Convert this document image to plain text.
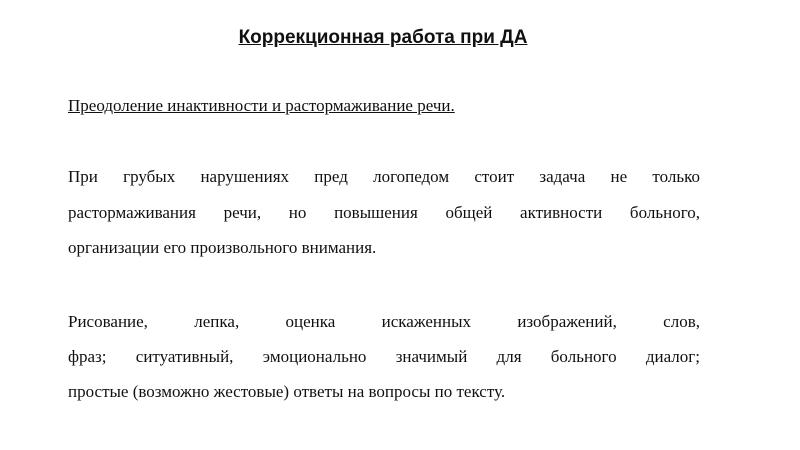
Коррекционная работа при ДА
Преодоление инактивности и растормаживание речи.
При грубых нарушениях пред логопедом стоит задача не только
растормаживания речи, но повышения общей активности больного,
организации его произвольного внимания.
Рисование, лепка, оценка искаженных изображений, слов,
фраз; ситуативный, эмоционально значимый для больного диалог;
простые (возможно жестовые) ответы на вопросы по тексту.
